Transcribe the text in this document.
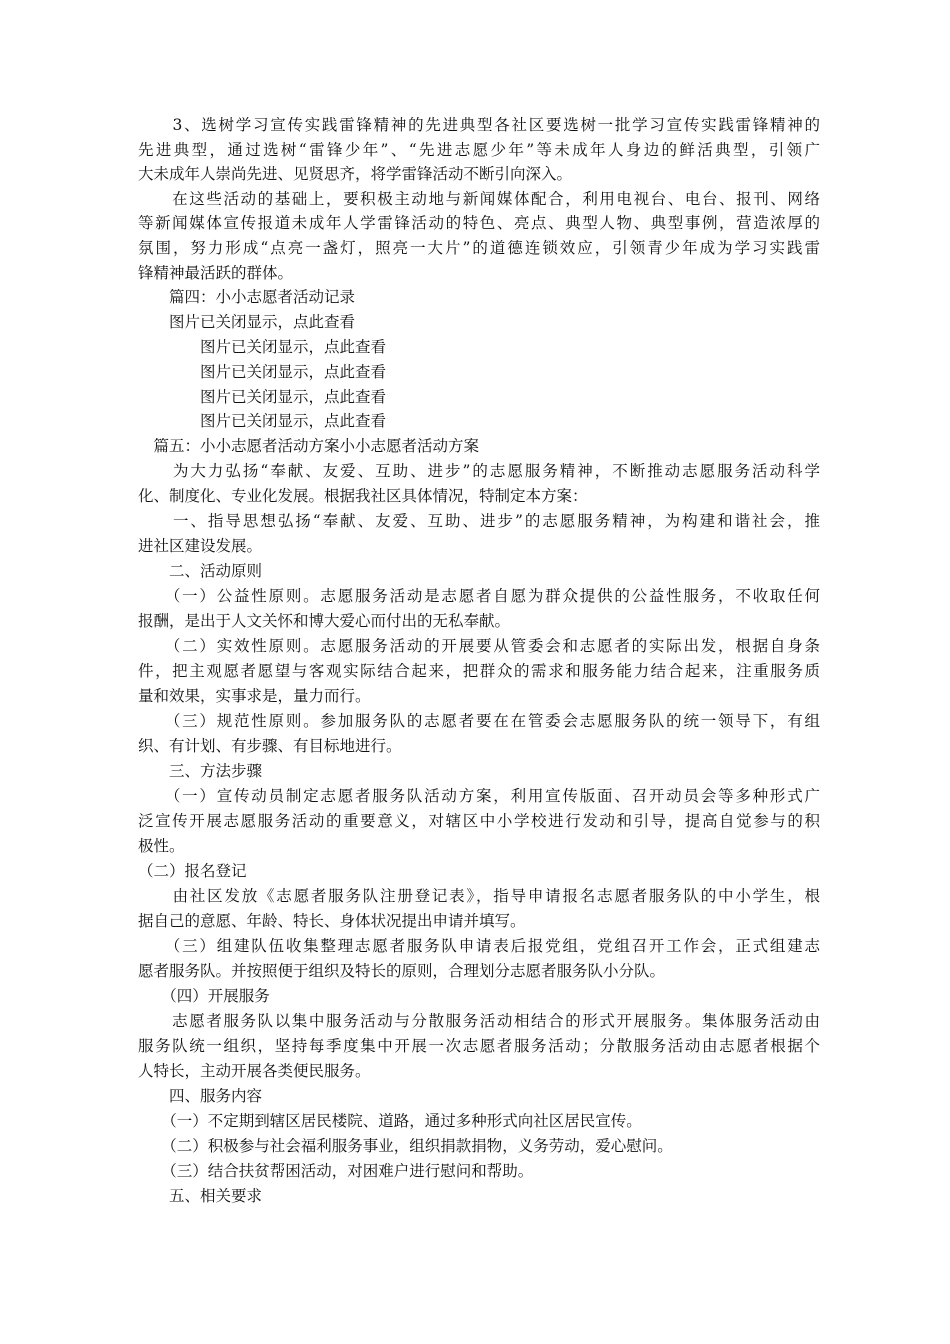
　　3、选树学习宣传实践雷锋精神的先进典型各社区要选树一批学习宣传实践雷锋精神的
先进典型，通过选树“雷锋少年”、“先进志愿少年”等未成年人身边的鲜活典型，引领广
大未成年人崇尚先进、见贤思齐，将学雷锋活动不断引向深入。
　　在这些活动的基础上，要积极主动地与新闻媒体配合，利用电视台、电台、报刊、网络
等新闻媒体宣传报道未成年人学雷锋活动的特色、亮点、典型人物、典型事例，营造浓厚的
氛围，努力形成“点亮一盏灯，照亮一大片”的道德连锁效应，引领青少年成为学习实践雷
锋精神最活跃的群体。
　　篇四：小小志愿者活动记录
　　图片已关闭显示，点此查看
　　　　图片已关闭显示，点此查看
　　　　图片已关闭显示，点此查看
　　　　图片已关闭显示，点此查看
　　　　图片已关闭显示，点此查看
　篇五：小小志愿者活动方案小小志愿者活动方案
　　为大力弘扬“奉献、友爱、互助、进步”的志愿服务精神，不断推动志愿服务活动科学
化、制度化、专业化发展。根据我社区具体情况，特制定本方案：
　　一、指导思想弘扬“奉献、友爱、互助、进步”的志愿服务精神，为构建和谐社会，推
进社区建设发展。
　　二、活动原则
　　（一）公益性原则。志愿服务活动是志愿者自愿为群众提供的公益性服务，不收取任何
报酬，是出于人文关怀和博大爱心而付出的无私奉献。
　　（二）实效性原则。志愿服务活动的开展要从管委会和志愿者的实际出发，根据自身条
件，把主观愿者愿望与客观实际结合起来，把群众的需求和服务能力结合起来，注重服务质
量和效果，实事求是，量力而行。
　　（三）规范性原则。参加服务队的志愿者要在在管委会志愿服务队的统一领导下，有组
织、有计划、有步骤、有目标地进行。
　　三、方法步骤
　　（一）宣传动员制定志愿者服务队活动方案，利用宣传版面、召开动员会等多种形式广
泛宣传开展志愿服务活动的重要意义，对辖区中小学校进行发动和引导，提高自觉参与的积
极性。
（二）报名登记
　　由社区发放《志愿者服务队注册登记表》，指导申请报名志愿者服务队的中小学生，根
据自己的意愿、年龄、特长、身体状况提出申请并填写。
　　（三）组建队伍收集整理志愿者服务队申请表后报党组，党组召开工作会，正式组建志
愿者服务队。并按照便于组织及特长的原则，合理划分志愿者服务队小分队。
　　（四）开展服务
　　志愿者服务队以集中服务活动与分散服务活动相结合的形式开展服务。集体服务活动由
服务队统一组织，坚持每季度集中开展一次志愿者服务活动；分散服务活动由志愿者根据个
人特长，主动开展各类便民服务。
　　四、服务内容
　　（一）不定期到辖区居民楼院、道路，通过多种形式向社区居民宣传。
　　（二）积极参与社会福利服务事业，组织捐款捐物，义务劳动，爱心慰问。
　　（三）结合扶贫帮困活动，对困难户进行慰问和帮助。
　　五、相关要求
